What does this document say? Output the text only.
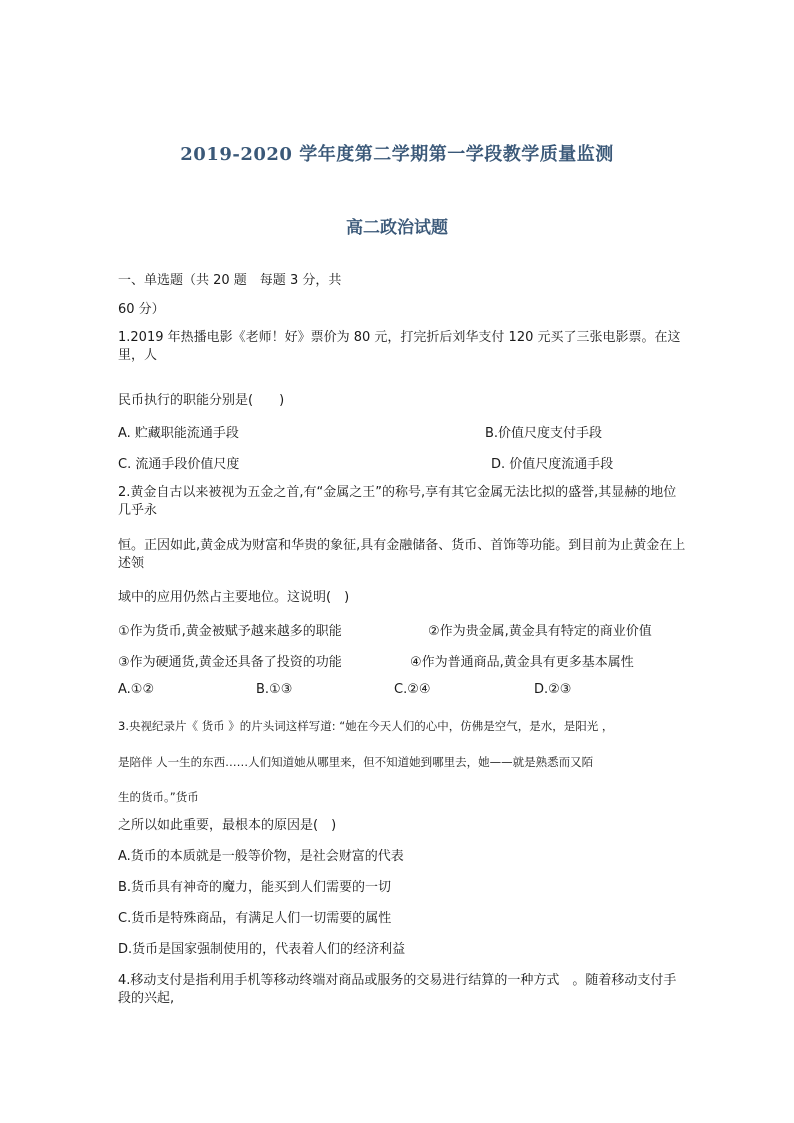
2019-2020 学年度第二学期第一学段教学质量监测
高二政治试题
一、单选题（共 20 题　每题 3 分，共
60 分）
1.2019 年热播电影《老师！好》票价为 80 元，打完折后刘华支付 120 元买了三张电影票。在这里，人
民币执行的职能分别是(　　)
A. 贮藏职能流通手段	B.价值尺度支付手段
C. 流通手段价值尺度	D. 价值尺度流通手段
2.黄金自古以来被视为五金之首,有“金属之王”的称号,享有其它金属无法比拟的盛誉,其显赫的地位几乎永
恒。正因如此,黄金成为财富和华贵的象征,具有金融储备、货币、首饰等功能。到目前为止黄金在上述领
域中的应用仍然占主要地位。这说明(　)
①作为货币,黄金被赋予越来越多的职能	②作为贵金属,黄金具有特定的商业价值
③作为硬通货,黄金还具备了投资的功能	④作为普通商品,黄金具有更多基本属性
A.①②	B.①③	C.②④	D.②③
3.央视纪录片《 货币 》的片头词这样写道: “她在今天人们的心中，仿佛是空气，是水，是阳光 ，
是陪伴 人一生的东西……人们知道她从哪里来，但不知道她到哪里去，她——就是熟悉而又陌
生的货币。”货币
之所以如此重要，最根本的原因是(　)
A.货币的本质就是一般等价物，是社会财富的代表
B.货币具有神奇的魔力，能买到人们需要的一切
C.货币是特殊商品，有满足人们一切需要的属性
D.货币是国家强制使用的，代表着人们的经济利益
4.移动支付是指利用手机等移动终端对商品或服务的交易进行结算的一种方式　。随着移动支付手段的兴起,
